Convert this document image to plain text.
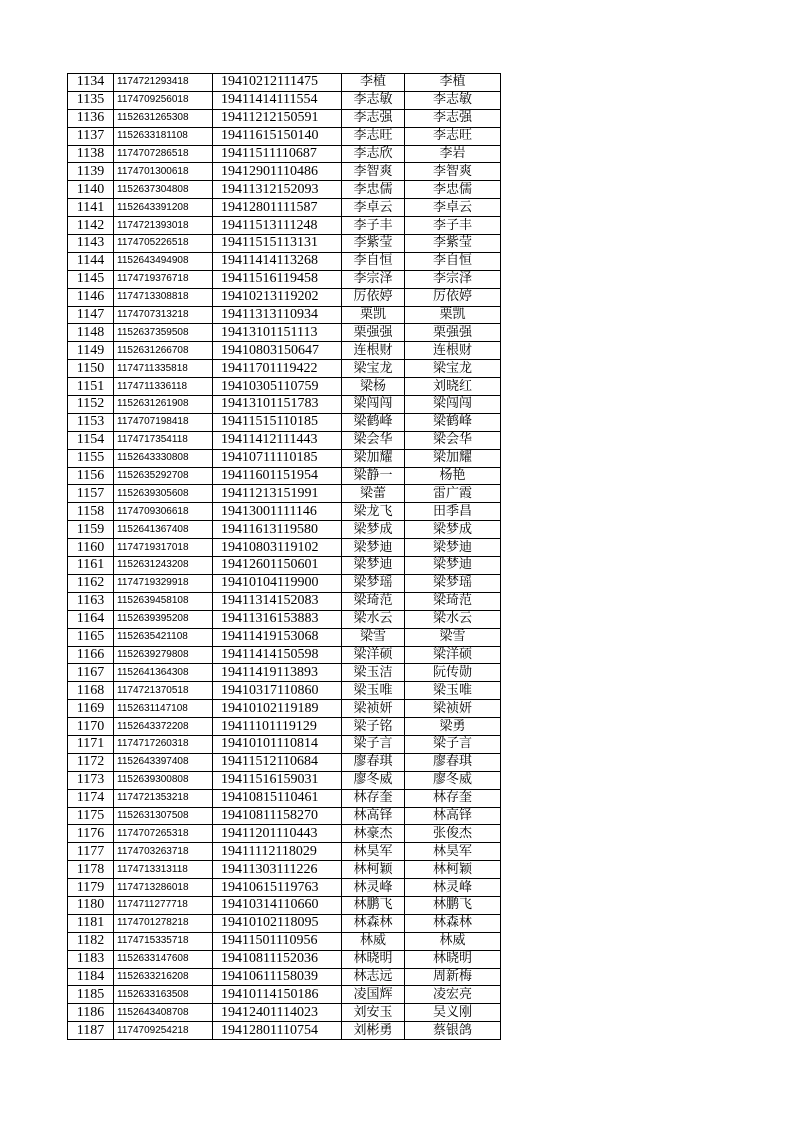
1134	1174721293418	19410212111475	李植	李植
1135	1174709256018	19411414111554	李志敏	李志敏
1136	1152631265308	19411212150591	李志强	李志强
1137	1152633181108	19411615150140	李志旺	李志旺
1138	1174707286518	19411511110687	李志欣	李岩
1139	1174701300618	19412901110486	李智爽	李智爽
1140	1152637304808	19411312152093	李忠儒	李忠儒
1141	1152643391208	19412801111587	李卓云	李卓云
1142	1174721393018	19411513111248	李子丰	李子丰
1143	1174705226518	19411515113131	李紫莹	李紫莹
1144	1152643494908	19411414113268	李自恒	李自恒
1145	1174719376718	19411516119458	李宗泽	李宗泽
1146	1174713308818	19410213119202	厉依婷	厉依婷
1147	1174707313218	19411313110934	栗凯	栗凯
1148	1152637359508	19413101151113	栗强强	栗强强
1149	1152631266708	19410803150647	连根财	连根财
1150	1174711335818	19411701119422	梁宝龙	梁宝龙
1151	1174711336118	19410305110759	梁杨	刘晓红
1152	1152631261908	19413101151783	梁闯闯	梁闯闯
1153	1174707198418	19411515110185	梁鹤峰	梁鹤峰
1154	1174717354118	19411412111443	梁会华	梁会华
1155	1152643330808	19410711110185	梁加耀	梁加耀
1156	1152635292708	19411601151954	梁静一	杨艳
1157	1152639305608	19411213151991	梁蕾	雷广霞
1158	1174709306618	19413001111146	梁龙飞	田季昌
1159	1152641367408	19411613119580	梁梦成	梁梦成
1160	1174719317018	19410803119102	梁梦迪	梁梦迪
1161	1152631243208	19412601150601	梁梦迪	梁梦迪
1162	1174719329918	19410104119900	梁梦瑶	梁梦瑶
1163	1152639458108	19411314152083	梁琦范	梁琦范
1164	1152639395208	19411316153883	梁水云	梁水云
1165	1152635421108	19411419153068	梁雪	梁雪
1166	1152639279808	19411414150598	梁洋硕	梁洋硕
1167	1152641364308	19411419113893	梁玉洁	阮传勋
1168	1174721370518	19410317110860	梁玉唯	梁玉唯
1169	1152631147108	19410102119189	梁祯妍	梁祯妍
1170	1152643372208	19411101119129	梁子铭	梁勇
1171	1174717260318	19410101110814	梁子言	梁子言
1172	1152643397408	19411512110684	廖春琪	廖春琪
1173	1152639300808	19411516159031	廖冬威	廖冬威
1174	1174721353218	19410815110461	林存奎	林存奎
1175	1152631307508	19410811158270	林高铎	林高铎
1176	1174707265318	19411201110443	林豪杰	张俊杰
1177	1174703263718	19411112118029	林昊军	林昊军
1178	1174713313118	19411303111226	林柯颖	林柯颖
1179	1174713286018	19410615119763	林灵峰	林灵峰
1180	1174711277718	19410314110660	林鹏飞	林鹏飞
1181	1174701278218	19410102118095	林森林	林森林
1182	1174715335718	19411501110956	林威	林威
1183	1152633147608	19410811152036	林晓明	林晓明
1184	1152633216208	19410611158039	林志远	周新梅
1185	1152633163508	19410114150186	凌国辉	凌宏亮
1186	1152643408708	19412401114023	刘安玉	吴义刚
1187	1174709254218	19412801110754	刘彬勇	蔡银鸽
